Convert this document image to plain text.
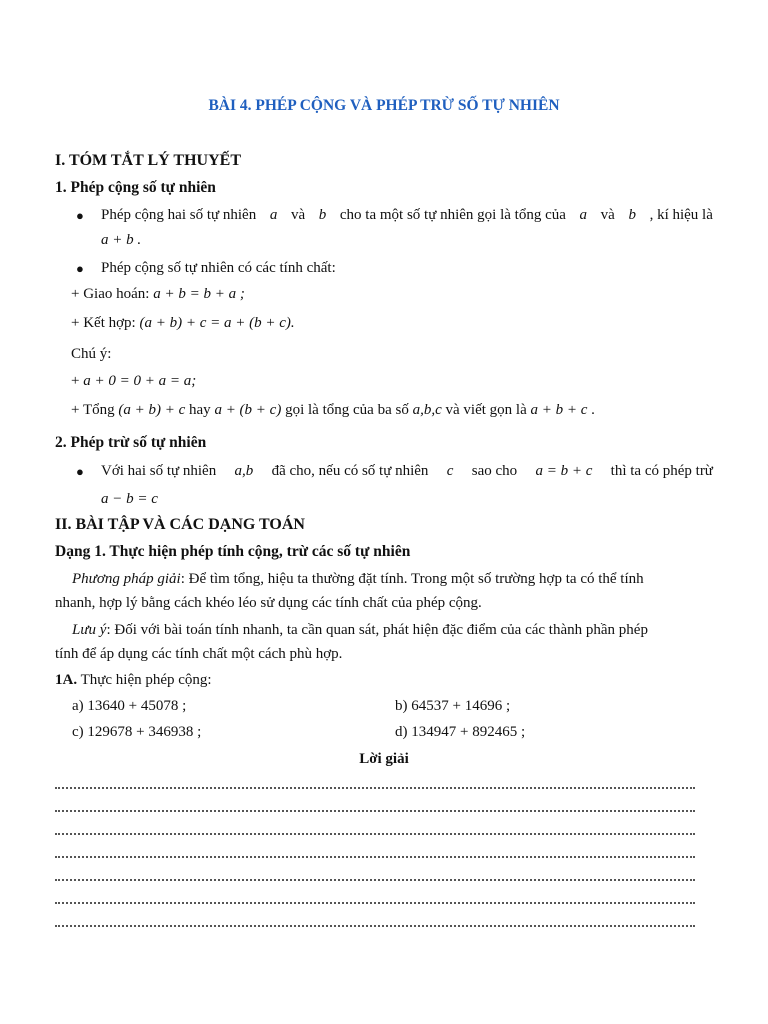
BÀI 4. PHÉP CỘNG VÀ PHÉP TRỪ SỐ TỰ NHIÊN
I. TÓM TẮT LÝ THUYẾT
1. Phép cộng số tự nhiên
● Phép cộng hai số tự nhiên a và b cho ta một số tự nhiên gọi là tổng của a và b , kí hiệu là
a + b .
● Phép cộng số tự nhiên có các tính chất:
+ Giao hoán: a + b = b + a ;
+ Kết hợp: (a + b) + c = a + (b + c).
Chú ý:
+ a + 0 = 0 + a = a;
+ Tổng (a + b) + c hay a + (b + c) gọi là tổng của ba số a,b,c và viết gọn là a + b + c .
2. Phép trừ số tự nhiên
● Với hai số tự nhiên a,b đã cho, nếu có số tự nhiên c sao cho a = b + c thì ta có phép trừ
a − b = c
II. BÀI TẬP VÀ CÁC DẠNG TOÁN
Dạng 1. Thực hiện phép tính cộng, trừ các số tự nhiên
Phương pháp giải: Để tìm tổng, hiệu ta thường đặt tính. Trong một số trường hợp ta có thể tính
nhanh, hợp lý bằng cách khéo léo sử dụng các tính chất của phép cộng.
Lưu ý: Đối với bài toán tính nhanh, ta cần quan sát, phát hiện đặc điểm của các thành phần phép
tính để áp dụng các tính chất một cách phù hợp.
1A. Thực hiện phép cộng:
a) 13640 + 45078 ;	b) 64537 + 14696 ;
c) 129678 + 346938 ;	d) 134947 + 892465 ;
Lời giải
